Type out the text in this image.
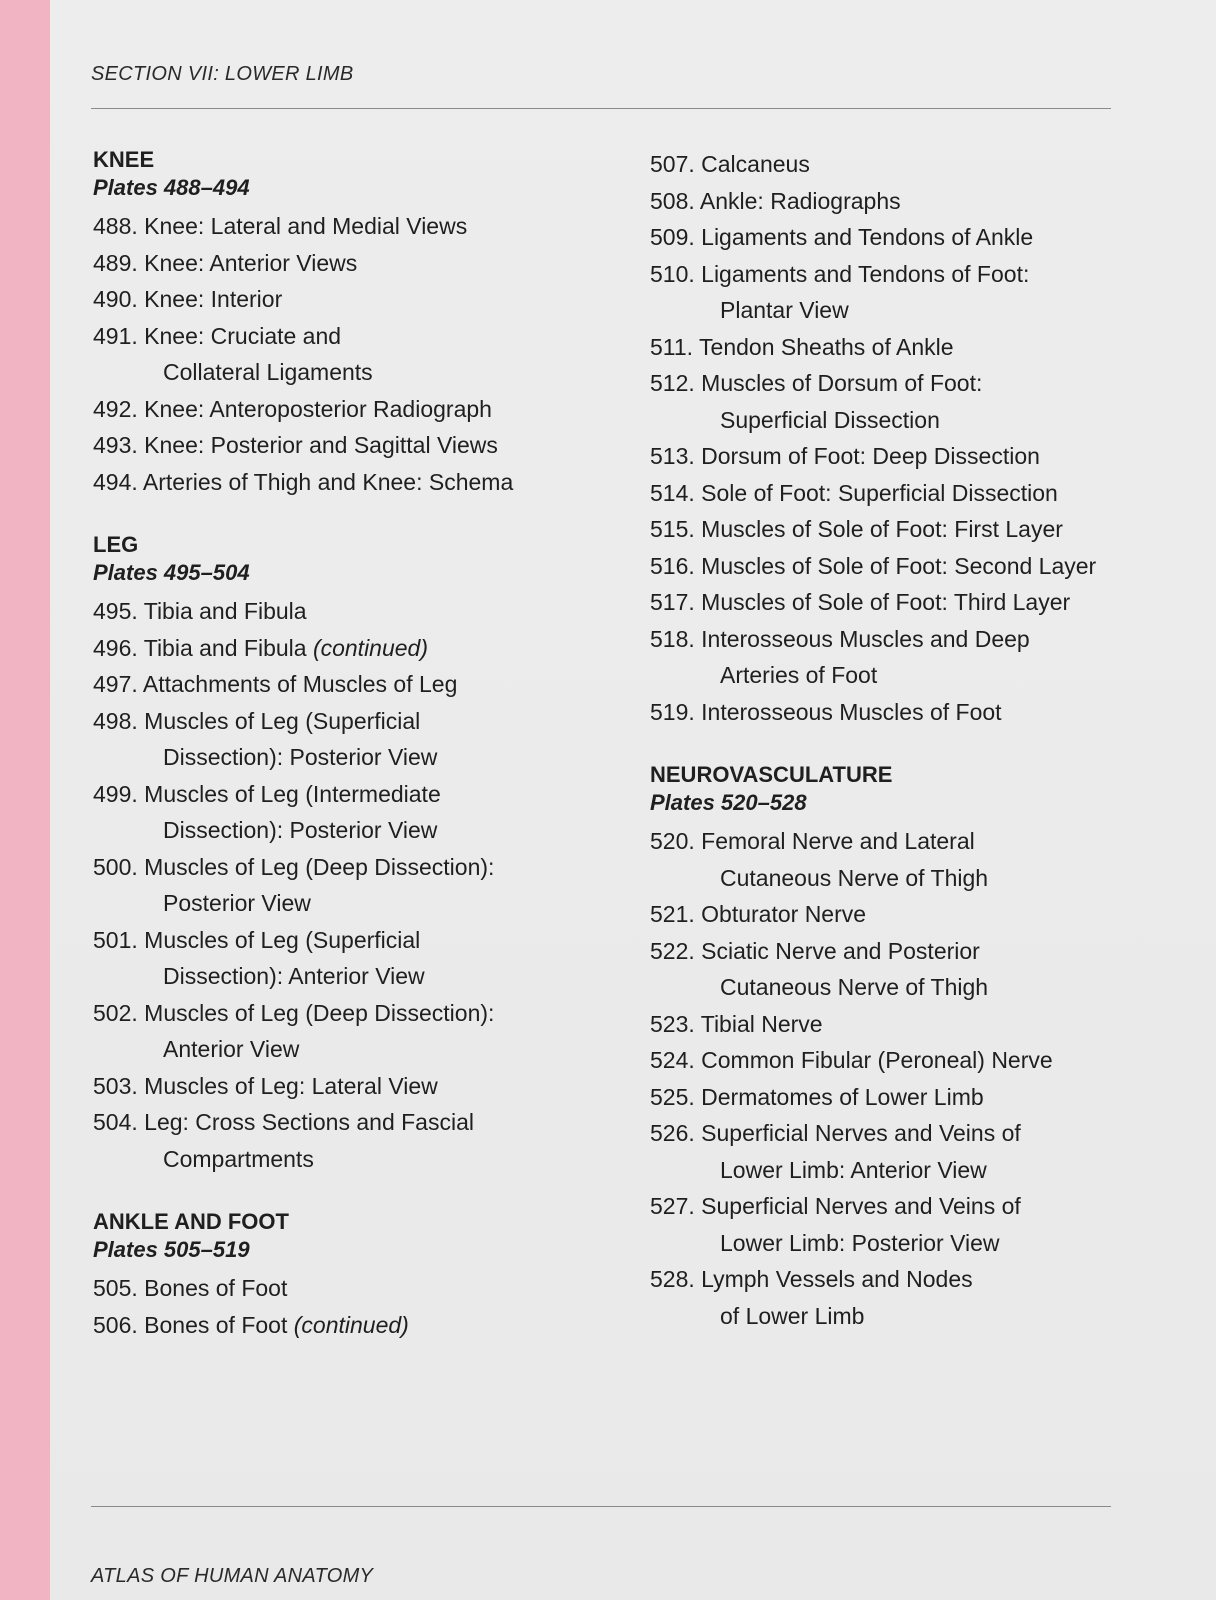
SECTION VII: LOWER LIMB
KNEE
Plates 488–494
488. Knee: Lateral and Medial Views
489. Knee: Anterior Views
490. Knee: Interior
491. Knee: Cruciate and
Collateral Ligaments
492. Knee: Anteroposterior Radiograph
493. Knee: Posterior and Sagittal Views
494. Arteries of Thigh and Knee: Schema
LEG
Plates 495–504
495. Tibia and Fibula
496. Tibia and Fibula (continued)
497. Attachments of Muscles of Leg
498. Muscles of Leg (Superficial
Dissection): Posterior View
499. Muscles of Leg (Intermediate
Dissection): Posterior View
500. Muscles of Leg (Deep Dissection):
Posterior View
501. Muscles of Leg (Superficial
Dissection): Anterior View
502. Muscles of Leg (Deep Dissection):
Anterior View
503. Muscles of Leg: Lateral View
504. Leg: Cross Sections and Fascial
Compartments
ANKLE AND FOOT
Plates 505–519
505. Bones of Foot
506. Bones of Foot (continued)
507. Calcaneus
508. Ankle: Radiographs
509. Ligaments and Tendons of Ankle
510. Ligaments and Tendons of Foot:
Plantar View
511. Tendon Sheaths of Ankle
512. Muscles of Dorsum of Foot:
Superficial Dissection
513. Dorsum of Foot: Deep Dissection
514. Sole of Foot: Superficial Dissection
515. Muscles of Sole of Foot: First Layer
516. Muscles of Sole of Foot: Second Layer
517. Muscles of Sole of Foot: Third Layer
518. Interosseous Muscles and Deep
Arteries of Foot
519. Interosseous Muscles of Foot
NEUROVASCULATURE
Plates 520–528
520. Femoral Nerve and Lateral
Cutaneous Nerve of Thigh
521. Obturator Nerve
522. Sciatic Nerve and Posterior
Cutaneous Nerve of Thigh
523. Tibial Nerve
524. Common Fibular (Peroneal) Nerve
525. Dermatomes of Lower Limb
526. Superficial Nerves and Veins of
Lower Limb: Anterior View
527. Superficial Nerves and Veins of
Lower Limb: Posterior View
528. Lymph Vessels and Nodes
of Lower Limb
ATLAS OF HUMAN ANATOMY
